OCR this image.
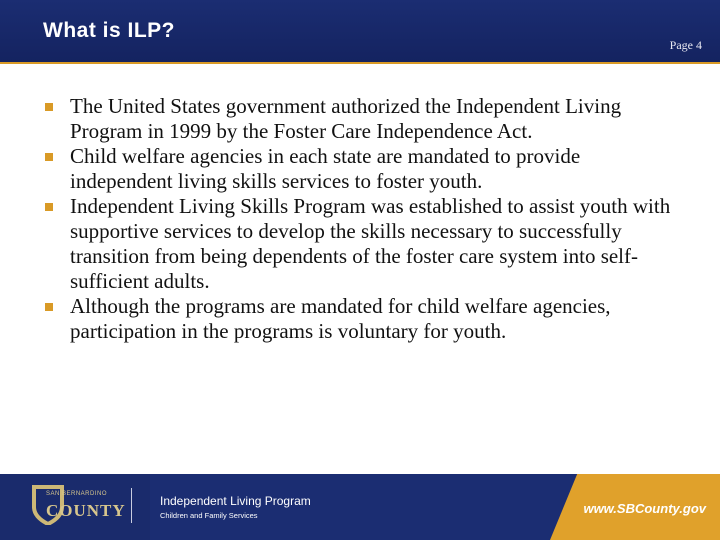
What is ILP?
Page 4
The United States government authorized the Independent Living Program in 1999 by the Foster Care Independence Act.
Child welfare agencies in each state are mandated to provide independent living skills services to foster youth.
Independent Living Skills Program was established to assist youth with supportive services to develop the skills necessary to successfully transition from being dependents of the foster care system into self-sufficient adults.
Although the programs are mandated for child welfare agencies, participation in the programs is voluntary for youth.
SAN BERNARDINO
COUNTY	Independent Living Program
Children and Family Services	www.SBCounty.gov
